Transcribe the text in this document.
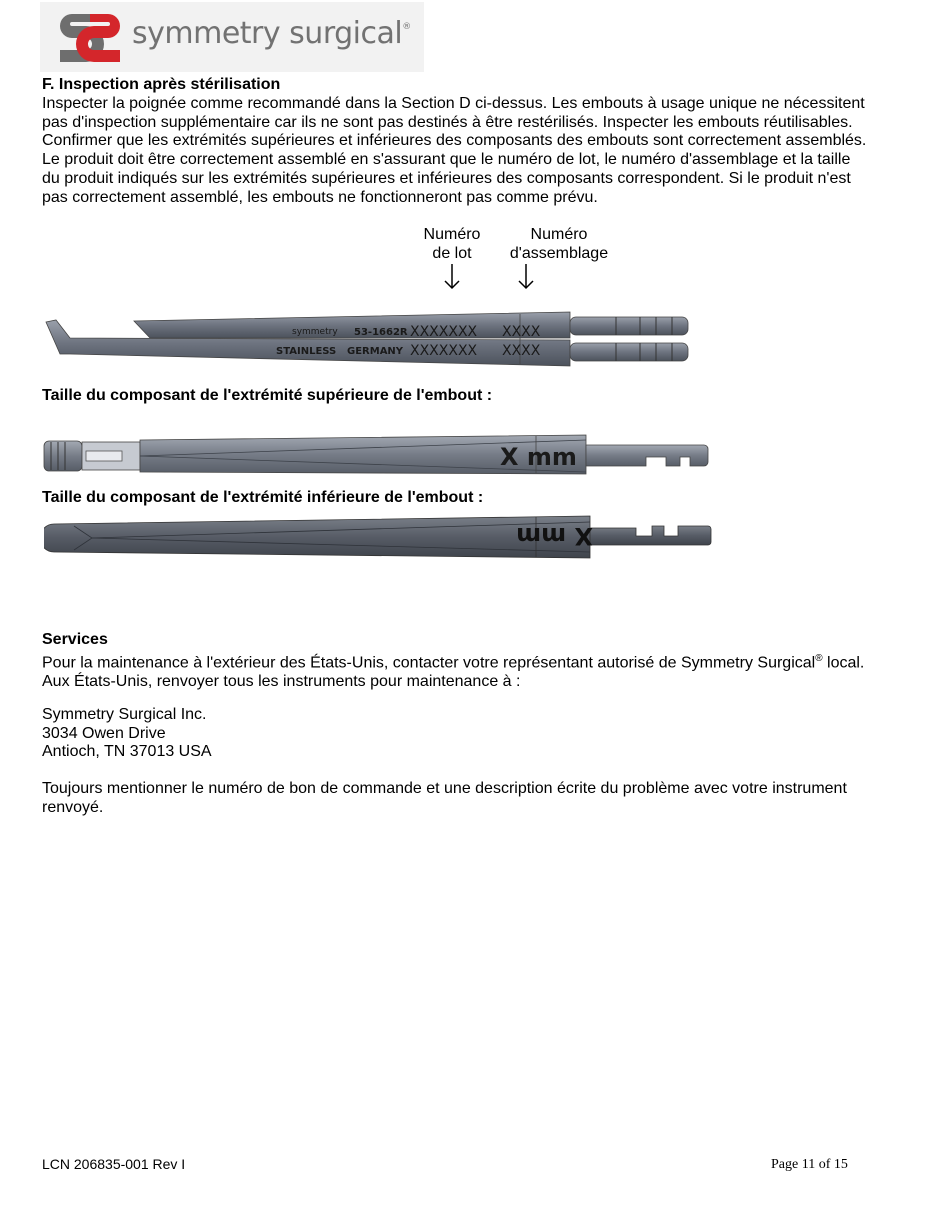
symmetry surgical®
F. Inspection après stérilisation
Inspecter la poignée comme recommandé dans la Section D ci-dessus. Les embouts à usage unique ne nécessitent
pas d'inspection supplémentaire car ils ne sont pas destinés à être restérilisés. Inspecter les embouts réutilisables.
Confirmer que les extrémités supérieures et inférieures des composants des embouts sont correctement assemblés.
Le produit doit être correctement assemblé en s'assurant que le numéro de lot, le numéro d'assemblage et la taille
du produit indiqués sur les extrémités supérieures et inférieures des composants correspondent. Si le produit n'est
pas correctement assemblé, les embouts ne fonctionneront pas comme prévu.
Numéro
de lot
Numéro
d'assemblage
symmetry 53-1662R XXXXXXX XXXX
STAINLESS GERMANY XXXXXXX XXXX
Taille du composant de l'extrémité supérieure de l'embout :
X mm
Taille du composant de l'extrémité inférieure de l'embout :
X mm
Services
Pour la maintenance à l'extérieur des États-Unis, contacter votre représentant autorisé de Symmetry Surgical® local.
Aux États-Unis, renvoyer tous les instruments pour maintenance à :
Symmetry Surgical Inc.
3034 Owen Drive
Antioch, TN 37013 USA
Toujours mentionner le numéro de bon de commande et une description écrite du problème avec votre instrument
renvoyé.
LCN 206835-001 Rev I	Page 11 of 15
